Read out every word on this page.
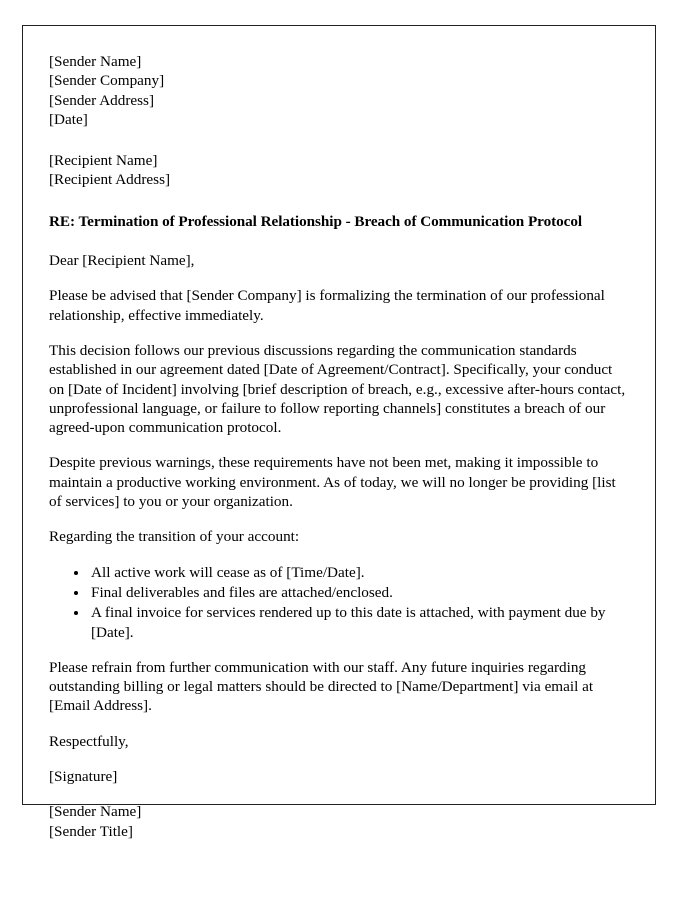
[Sender Name]
[Sender Company]
[Sender Address]
[Date]
[Recipient Name]
[Recipient Address]
RE: Termination of Professional Relationship - Breach of Communication Protocol

Dear [Recipient Name],

Please be advised that [Sender Company] is formalizing the termination of our professional relationship, effective immediately.

This decision follows our previous discussions regarding the communication standards established in our agreement dated [Date of Agreement/Contract]. Specifically, your conduct on [Date of Incident] involving [brief description of breach, e.g., excessive after-hours contact, unprofessional language, or failure to follow reporting channels] constitutes a breach of our agreed-upon communication protocol.

Despite previous warnings, these requirements have not been met, making it impossible to maintain a productive working environment. As of today, we will no longer be providing [list of services] to you or your organization.

Regarding the transition of your account:

• All active work will cease as of [Time/Date].
• Final deliverables and files are attached/enclosed.
• A final invoice for services rendered up to this date is attached, with payment due by [Date].

Please refrain from further communication with our staff. Any future inquiries regarding outstanding billing or legal matters should be directed to [Name/Department] via email at [Email Address].

Respectfully,

[Signature]

[Sender Name]
[Sender Title]
